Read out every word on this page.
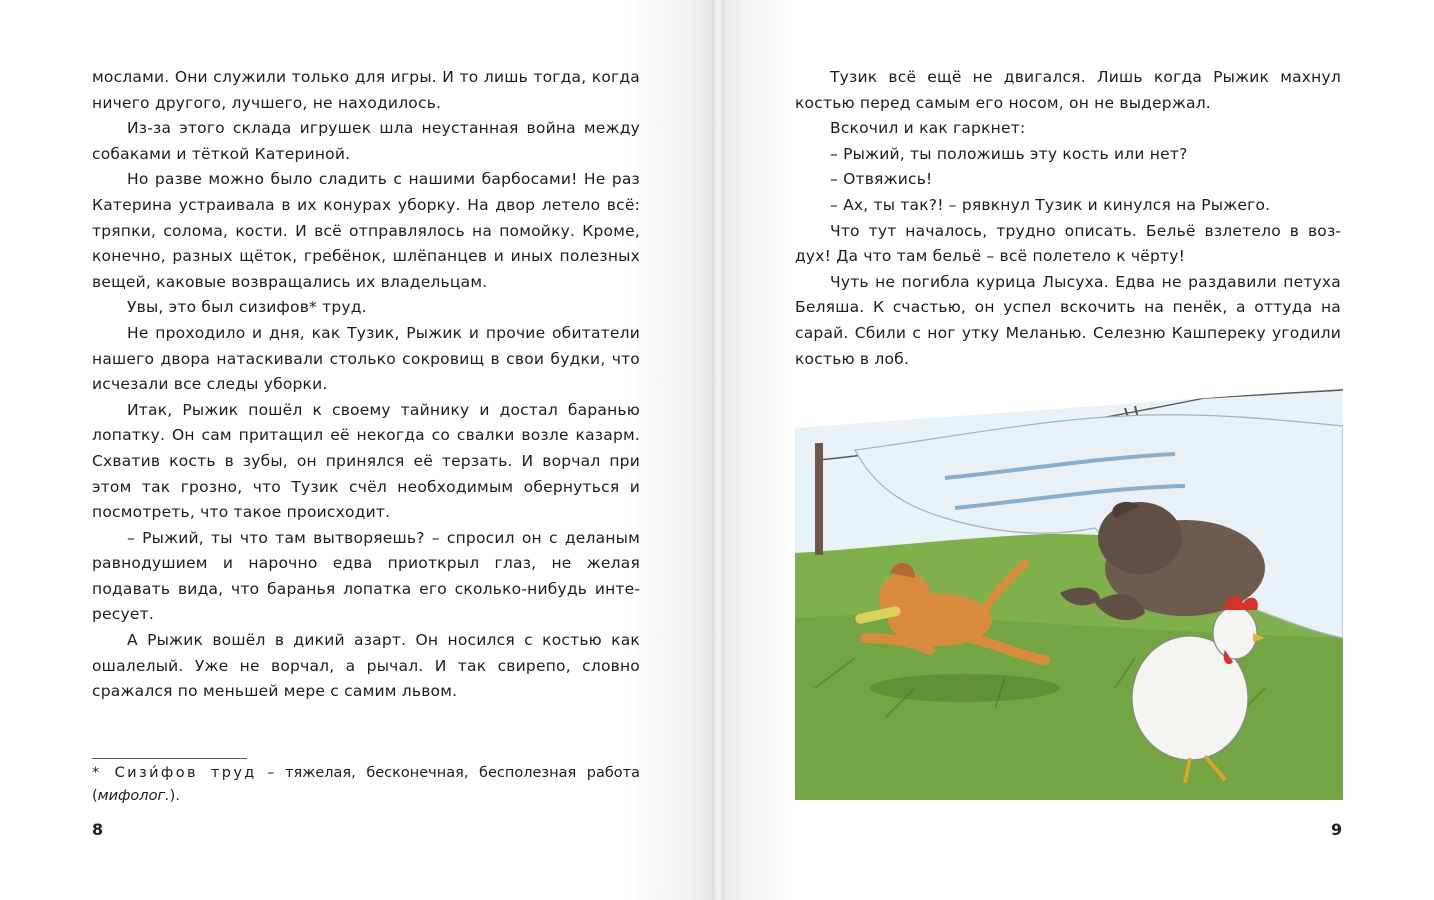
мослами. Они служили только для игры. И то лишь тогда, когда ничего другого, лучшего, не находилось.

Из-за этого склада игрушек шла неустанная война между собаками и тёткой Катериной.

Но разве можно было сладить с нашими барбосами! Не раз Катерина устраивала в их конурах уборку. На двор летело всё: тряпки, солома, кости. И всё отправлялось на помойку. Кроме, конечно, разных щёток, гребёнок, шлёпанцев и иных полезных вещей, каковые возвращались их владельцам.

Увы, это был сизифов* труд.

Не проходило и дня, как Тузик, Рыжик и прочие обитатели нашего двора натаскивали столько сокровищ в свои будки, что исчезали все следы уборки.

Итак, Рыжик пошёл к своему тайнику и достал баранью лопатку. Он сам притащил её некогда со свалки возле казарм. Схватив кость в зубы, он принялся её терзать. И ворчал при этом так грозно, что Тузик счёл необходимым обернуться и посмотреть, что такое происходит.

– Рыжий, ты что там вытворяешь? – спросил он с деланым равнодушием и нарочно едва приоткрыл глаз, не желая подавать вида, что баранья лопатка его сколько-нибудь интересует.

А Рыжик вошёл в дикий азарт. Он носился с костью как ошалелый. Уже не ворчал, а рычал. И так свирепо, словно сражался по меньшей мере с самим львом.

* Сизи́фов труд – тяжелая, бесконечная, бесполезная работа (мифолог.).

8

Тузик всё ещё не двигался. Лишь когда Рыжик махнул костью перед самым его носом, он не выдержал.

Вскочил и как гаркнет:

– Рыжий, ты положишь эту кость или нет?

– Отвяжись!

– Ах, ты так?! – рявкнул Тузик и кинулся на Рыжего.

Что тут началось, трудно описать. Бельё взлетело в воздух! Да что там бельё – всё полетело к чёрту!

Чуть не погибла курица Лысуха. Едва не раздавили петуха Беляша. К счастью, он успел вскочить на пенёк, а оттуда на сарай. Сбили с ног утку Меланью. Селезню Кашпереку угодили костью в лоб.

9
